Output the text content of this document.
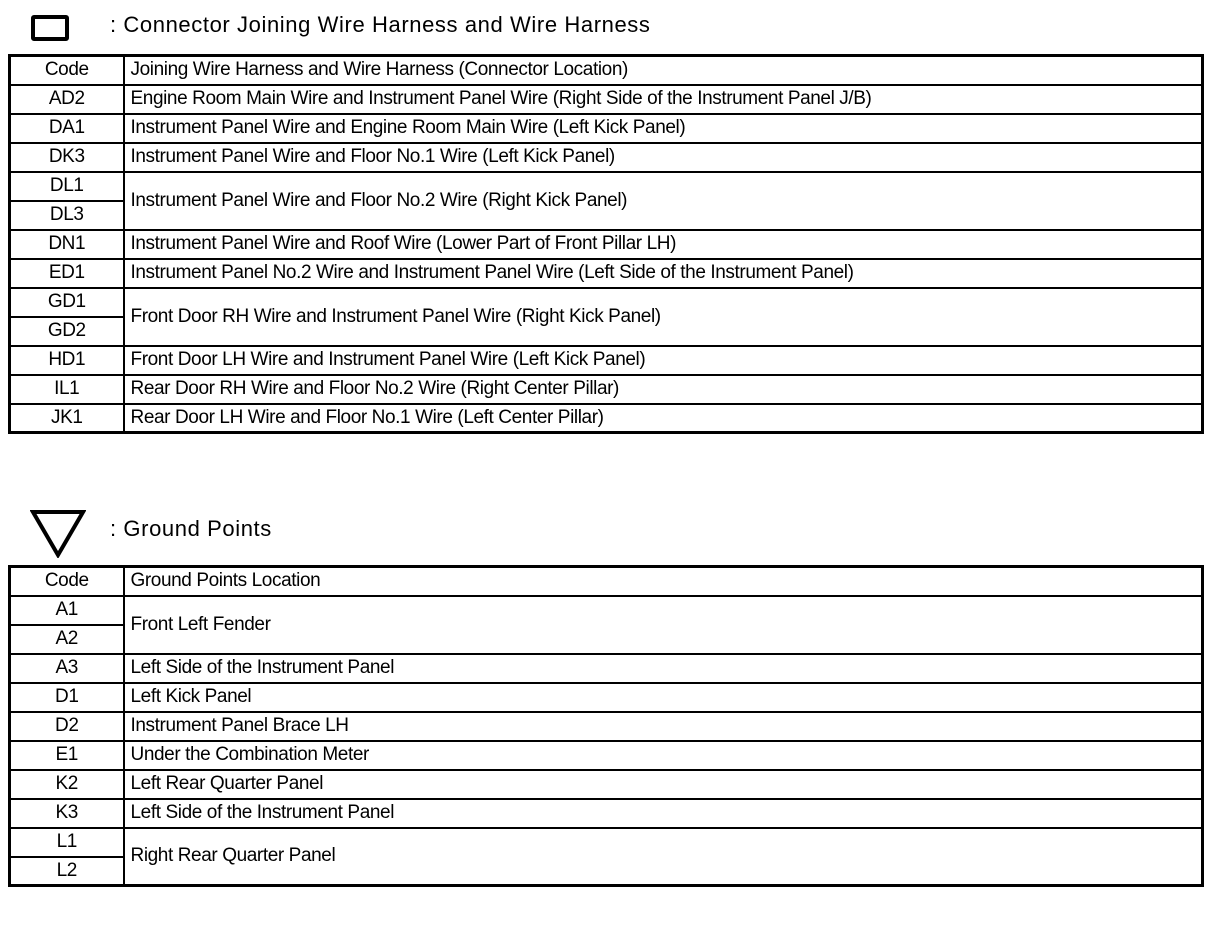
: Connector Joining Wire Harness and Wire Harness
Code	Joining Wire Harness and Wire Harness (Connector Location)
AD2	Engine Room Main Wire and Instrument Panel Wire (Right Side of the Instrument Panel J/B)
DA1	Instrument Panel Wire and Engine Room Main Wire (Left Kick Panel)
DK3	Instrument Panel Wire and Floor No.1 Wire (Left Kick Panel)
DL1	Instrument Panel Wire and Floor No.2 Wire (Right Kick Panel)
DL3	
DN1	Instrument Panel Wire and Roof Wire (Lower Part of Front Pillar LH)
ED1	Instrument Panel No.2 Wire and Instrument Panel Wire (Left Side of the Instrument Panel)
GD1	Front Door RH Wire and Instrument Panel Wire (Right Kick Panel)
GD2	
HD1	Front Door LH Wire and Instrument Panel Wire (Left Kick Panel)
IL1	Rear Door RH Wire and Floor No.2 Wire (Right Center Pillar)
JK1	Rear Door LH Wire and Floor No.1 Wire (Left Center Pillar)
: Ground Points
Code	Ground Points Location
A1	Front Left Fender
A2	
A3	Left Side of the Instrument Panel
D1	Left Kick Panel
D2	Instrument Panel Brace LH
E1	Under the Combination Meter
K2	Left Rear Quarter Panel
K3	Left Side of the Instrument Panel
L1	Right Rear Quarter Panel
L2	
